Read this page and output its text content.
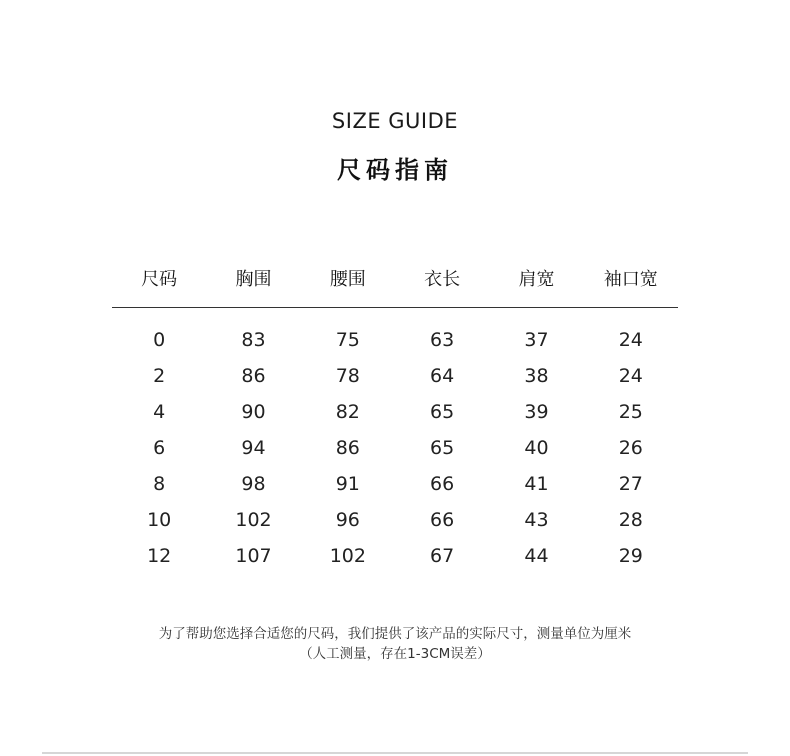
SIZE GUIDE
尺码指南
尺码	胸围	腰围	衣长	肩宽	袖口宽
0	83	75	63	37	24
2	86	78	64	38	24
4	90	82	65	39	25
6	94	86	65	40	26
8	98	91	66	41	27
10	102	96	66	43	28
12	107	102	67	44	29
为了帮助您选择合适您的尺码，我们提供了该产品的实际尺寸，测量单位为厘米
（人工测量，存在1-3CM误差）
